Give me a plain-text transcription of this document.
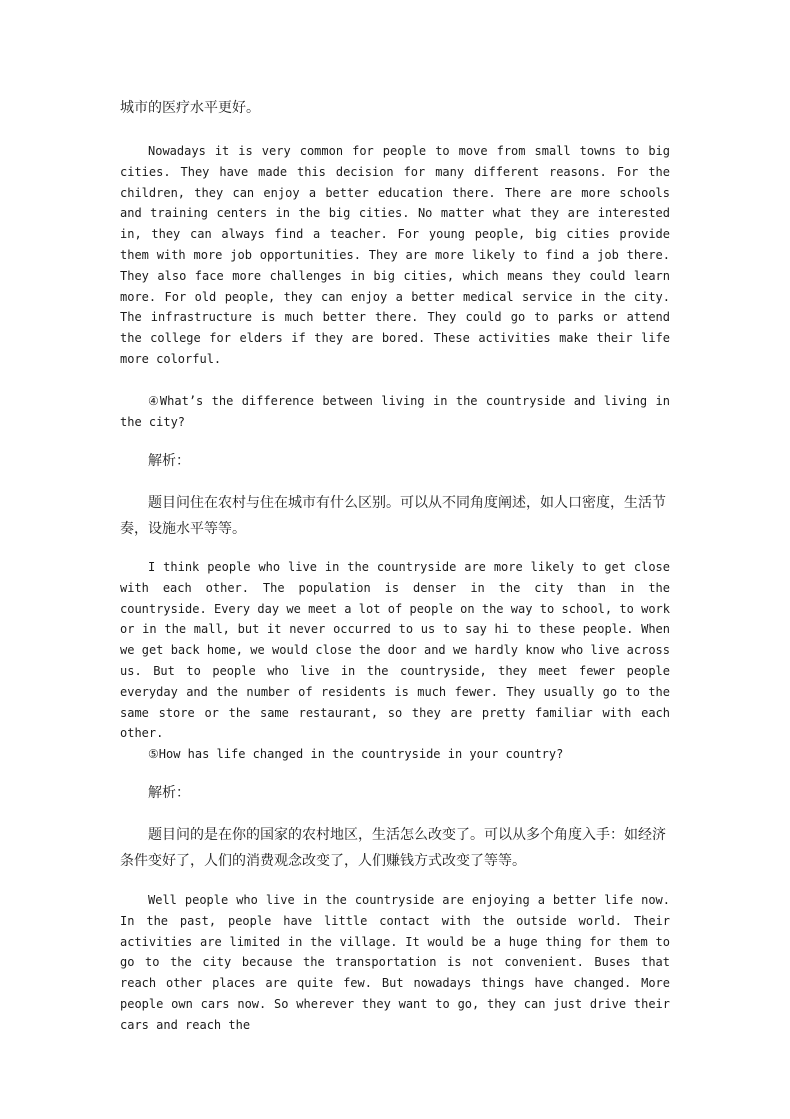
城市的医疗水平更好。

Nowadays it is very common for people to move from small towns to big cities. They have made this decision for many different reasons. For the children, they can enjoy a better education there. There are more schools and training centers in the big cities. No matter what they are interested in, they can always find a teacher. For young people, big cities provide them with more job opportunities. They are more likely to find a job there. They also face more challenges in big cities, which means they could learn more. For old people, they can enjoy a better medical service in the city. The infrastructure is much better there. They could go to parks or attend the college for elders if they are bored. These activities make their life more colorful.

④What’s the difference between living in the countryside and living in the city?

解析：

题目问住在农村与住在城市有什么区别。可以从不同角度阐述，如人口密度，生活节奏，设施水平等等。

I think people who live in the countryside are more likely to get close with each other. The population is denser in the city than in the countryside. Every day we meet a lot of people on the way to school, to work or in the mall, but it never occurred to us to say hi to these people. When we get back home, we would close the door and we hardly know who live across us. But to people who live in the countryside, they meet fewer people everyday and the number of residents is much fewer. They usually go to the same store or the same restaurant, so they are pretty familiar with each other.

⑤How has life changed in the countryside in your country?

解析：

题目问的是在你的国家的农村地区，生活怎么改变了。可以从多个角度入手：如经济条件变好了，人们的消费观念改变了，人们赚钱方式改变了等等。

Well people who live in the countryside are enjoying a better life now. In the past, people have little contact with the outside world. Their activities are limited in the village. It would be a huge thing for them to go to the city because the transportation is not convenient. Buses that reach other places are quite few. But nowadays things have changed. More people own cars now. So wherever they want to go, they can just drive their cars and reach the
